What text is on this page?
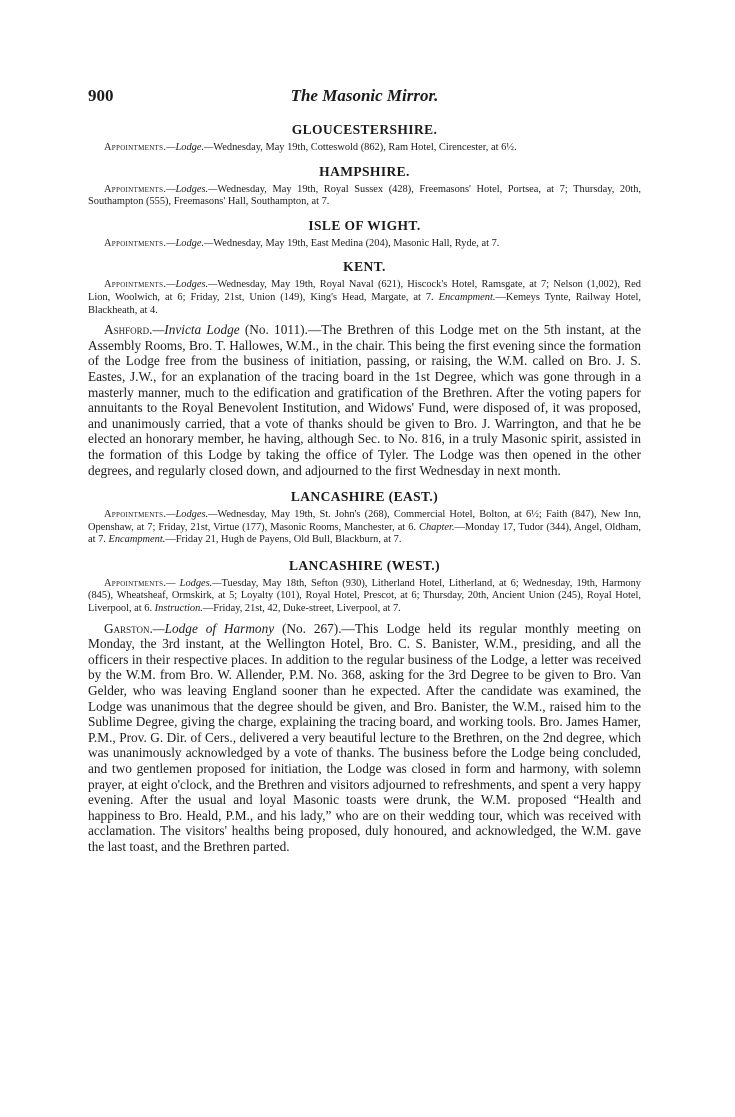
900	The Masonic Mirror.
GLOUCESTERSHIRE.

Appointments.—Lodge.—Wednesday, May 19th, Cotteswold (862), Ram Hotel, Cirencester, at 6½.

HAMPSHIRE.

Appointments.—Lodges.—Wednesday, May 19th, Royal Sussex (428), Freemasons' Hotel, Portsea, at 7; Thursday, 20th, Southampton (555), Freemasons' Hall, Southampton, at 7.

ISLE OF WIGHT.

Appointments.—Lodge.—Wednesday, May 19th, East Medina (204), Masonic Hall, Ryde, at 7.

KENT.

Appointments.—Lodges.—Wednesday, May 19th, Royal Naval (621), Hiscock's Hotel, Ramsgate, at 7; Nelson (1,002), Red Lion, Woolwich, at 6; Friday, 21st, Union (149), King's Head, Margate, at 7. Encampment.—Kemeys Tynte, Railway Hotel, Blackheath, at 4.

Ashford.—Invicta Lodge (No. 1011).—The Brethren of this Lodge met on the 5th instant, at the Assembly Rooms, Bro. T. Hallowes, W.M., in the chair. This being the first evening since the formation of the Lodge free from the business of initiation, passing, or raising, the W.M. called on Bro. J. S. Eastes, J.W., for an explanation of the tracing board in the 1st Degree, which was gone through in a masterly manner, much to the edification and gratification of the Brethren. After the voting papers for annuitants to the Royal Benevolent Institution, and Widows' Fund, were disposed of, it was proposed, and unanimously carried, that a vote of thanks should be given to Bro. J. Warrington, and that he be elected an honorary member, he having, although Sec. to No. 816, in a truly Masonic spirit, assisted in the formation of this Lodge by taking the office of Tyler. The Lodge was then opened in the other degrees, and regularly closed down, and adjourned to the first Wednesday in next month.

LANCASHIRE (EAST.)

Appointments.—Lodges.—Wednesday, May 19th, St. John's (268), Commercial Hotel, Bolton, at 6½; Faith (847), New Inn, Openshaw, at 7; Friday, 21st, Virtue (177), Masonic Rooms, Manchester, at 6. Chapter.—Monday 17, Tudor (344), Angel, Oldham, at 7. Encampment.—Friday 21, Hugh de Payens, Old Bull, Blackburn, at 7.

LANCASHIRE (WEST.)

Appointments.— Lodges.—Tuesday, May 18th, Sefton (930), Litherland Hotel, Litherland, at 6; Wednesday, 19th, Harmony (845), Wheatsheaf, Ormskirk, at 5; Loyalty (101), Royal Hotel, Prescot, at 6; Thursday, 20th, Ancient Union (245), Royal Hotel, Liverpool, at 6. Instruction.—Friday, 21st, 42, Duke-street, Liverpool, at 7.

Garston.—Lodge of Harmony (No. 267).—This Lodge held its regular monthly meeting on Monday, the 3rd instant, at the Wellington Hotel, Bro. C. S. Banister, W.M., presiding, and all the officers in their respective places. In addition to the regular business of the Lodge, a letter was received by the W.M. from Bro. W. Allender, P.M. No. 368, asking for the 3rd Degree to be given to Bro. Van Gelder, who was leaving England sooner than he expected. After the candidate was examined, the Lodge was unanimous that the degree should be given, and Bro. Banister, the W.M., raised him to the Sublime Degree, giving the charge, explaining the tracing board, and working tools. Bro. James Hamer, P.M., Prov. G. Dir. of Cers., delivered a very beautiful lecture to the Brethren, on the 2nd degree, which was unanimously acknowledged by a vote of thanks. The business before the Lodge being concluded, and two gentlemen proposed for initiation, the Lodge was closed in form and harmony, with solemn prayer, at eight o'clock, and the Brethren and visitors adjourned to refreshments, and spent a very happy evening. After the usual and loyal Masonic toasts were drunk, the W.M. proposed “Health and happiness to Bro. Heald, P.M., and his lady,” who are on their wedding tour, which was received with acclamation. The visitors' healths being proposed, duly honoured, and acknowledged, the W.M. gave the last toast, and the Brethren parted.
